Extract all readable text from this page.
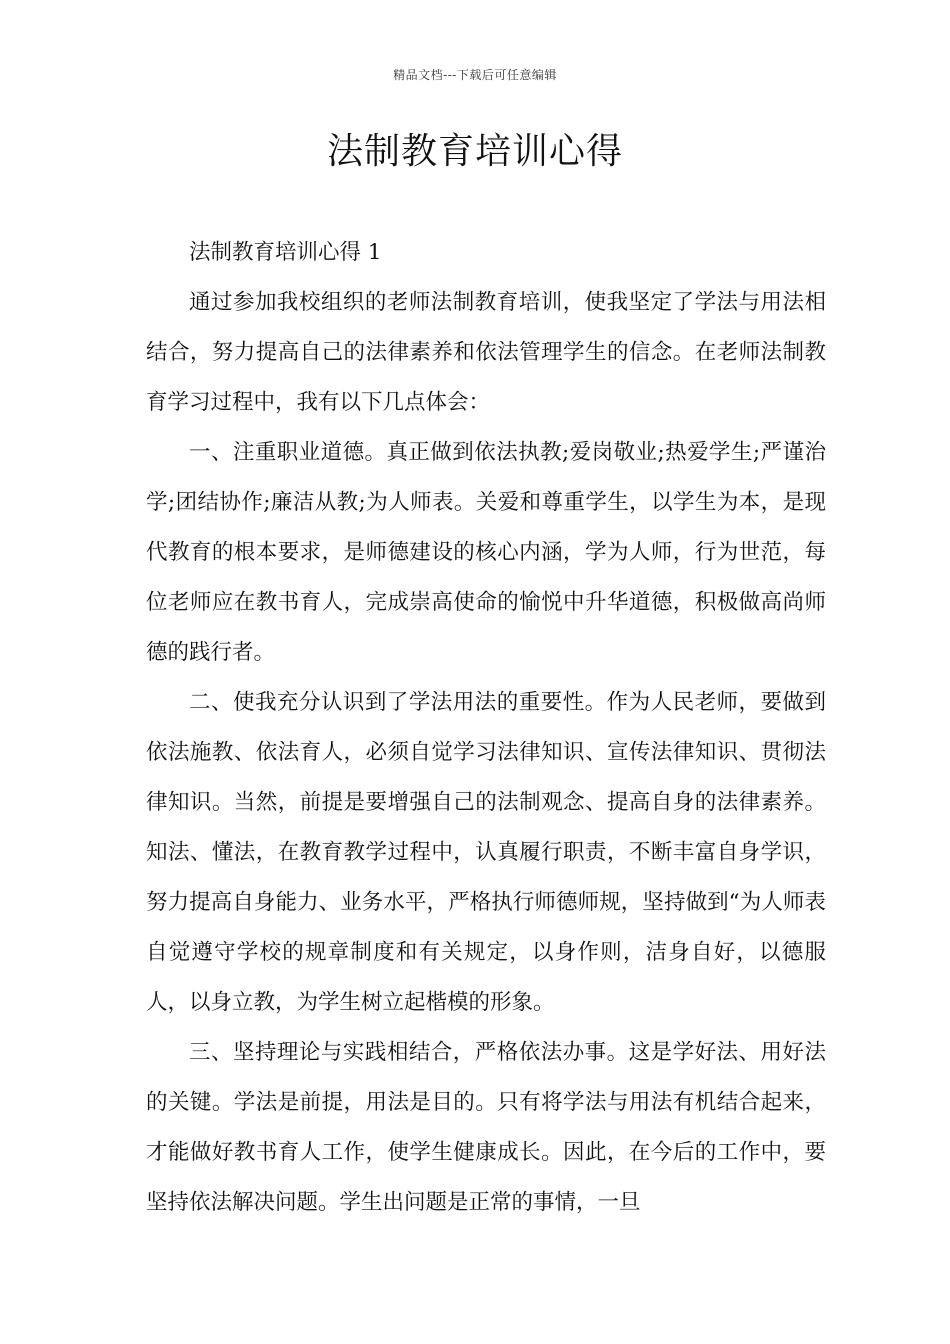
精品文档---下载后可任意编辑
法制教育培训心得

法制教育培训心得 1

通过参加我校组织的老师法制教育培训，使我坚定了学法与用法相结合，努力提高自己的法律素养和依法管理学生的信念。在老师法制教育学习过程中，我有以下几点体会：

一、注重职业道德。真正做到依法执教;爱岗敬业;热爱学生;严谨治学;团结协作;廉洁从教;为人师表。关爱和尊重学生，以学生为本，是现代教育的根本要求，是师德建设的核心内涵，学为人师，行为世范，每位老师应在教书育人，完成崇高使命的愉悦中升华道德，积极做高尚师德的践行者。

二、使我充分认识到了学法用法的重要性。作为人民老师，要做到依法施教、依法育人，必须自觉学习法律知识、宣传法律知识、贯彻法律知识。当然，前提是要增强自己的法制观念、提高自身的法律素养。知法、懂法，在教育教学过程中，认真履行职责，不断丰富自身学识，努力提高自身能力、业务水平，严格执行师德师规，坚持做到“为人师表自觉遵守学校的规章制度和有关规定，以身作则，洁身自好，以德服人，以身立教，为学生树立起楷模的形象。

三、坚持理论与实践相结合，严格依法办事。这是学好法、用好法的关键。学法是前提，用法是目的。只有将学法与用法有机结合起来，才能做好教书育人工作，使学生健康成长。因此，在今后的工作中，要坚持依法解决问题。学生出问题是正常的事情，一旦
